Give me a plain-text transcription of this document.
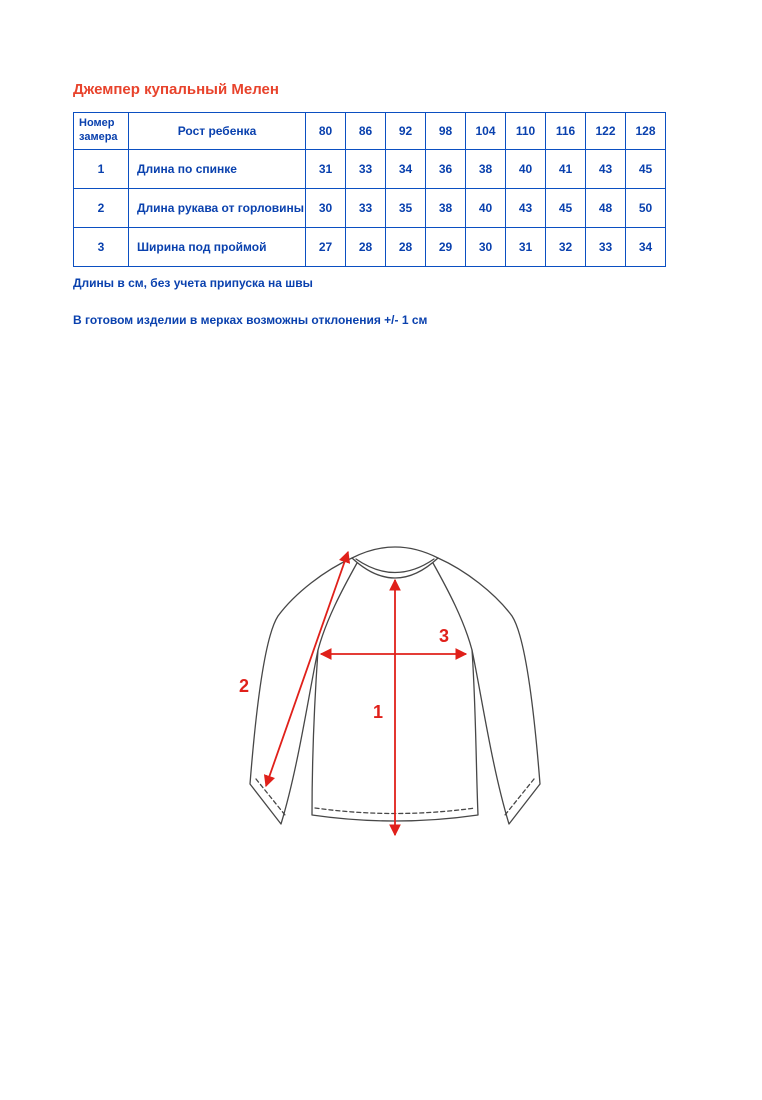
Джемпер купальный Мелен
Номер замера	Рост ребенка	80	86	92	98	104	110	116	122	128
1	Длина по спинке	31	33	34	36	38	40	41	43	45
2	Длина рукава от горловины	30	33	35	38	40	43	45	48	50
3	Ширина под проймой	27	28	28	29	30	31	32	33	34
Длины в см, без учета припуска на швы
В готовом изделии в мерках возможны отклонения +/- 1 см
1
2
3
